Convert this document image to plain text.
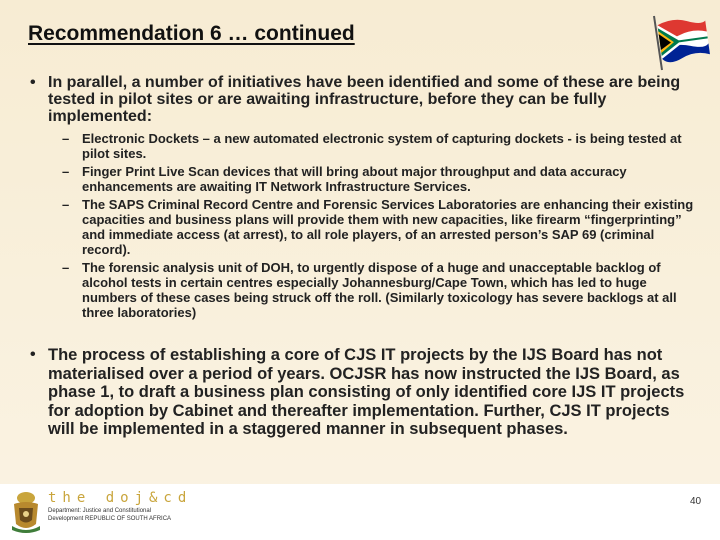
Recommendation 6 … continued
• In parallel, a number of initiatives have been identified and some of these are being tested in pilot sites or are awaiting infrastructure, before they can be fully implemented:
– Electronic Dockets – a new automated electronic system of capturing dockets - is being tested at pilot sites.
– Finger Print Live Scan devices that will bring about major throughput and data accuracy enhancements are awaiting IT Network Infrastructure Services.
– The SAPS Criminal Record Centre and Forensic Services Laboratories are enhancing their existing capacities and business plans will provide them with new capacities, like firearm “fingerprinting” and immediate access (at arrest), to all role players, of an arrested person’s SAP 69 (criminal record).
– The forensic analysis unit of DOH, to urgently dispose of a huge and unacceptable backlog of alcohol tests in certain centres especially Johannesburg/Cape Town, which has led to huge numbers of these cases being struck off the roll. (Similarly toxicology has severe backlogs at all three laboratories)
• The process of establishing a core of CJS IT projects by the IJS Board has not materialised over a period of years. OCJSR has now instructed the IJS Board, as phase 1, to draft a business plan consisting of only identified core IJS IT projects for adoption by Cabinet and thereafter implementation. Further, CJS IT projects will be implemented in a staggered manner in subsequent phases.
the doj&cd
Department: Justice and Constitutional Development REPUBLIC OF SOUTH AFRICA
40
